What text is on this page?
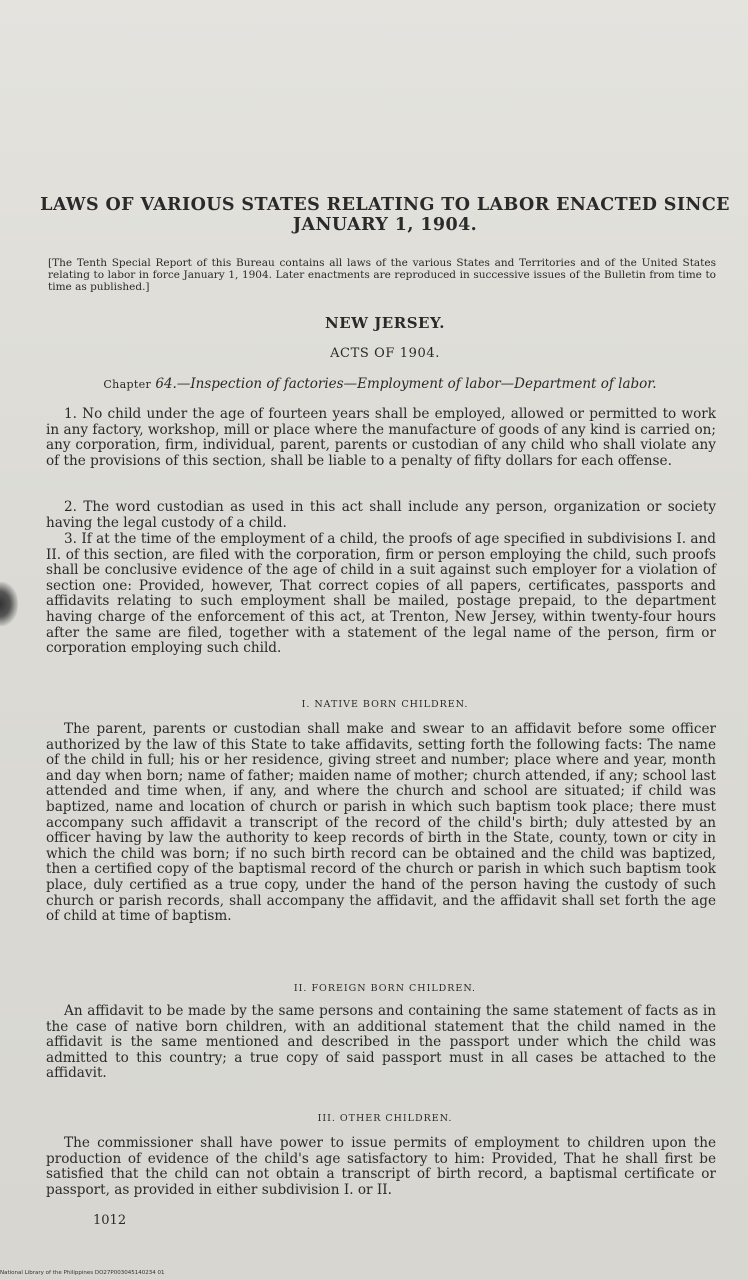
LAWS OF VARIOUS STATES RELATING TO LABOR ENACTED SINCE JANUARY 1, 1904.
[The Tenth Special Report of this Bureau contains all laws of the various States and Territories and of the United States relating to labor in force January 1, 1904. Later enactments are reproduced in successive issues of the Bulletin from time to time as published.]
NEW JERSEY.
ACTS OF 1904.
Chapter 64.—Inspection of factories—Employment of labor—Department of labor.

1. No child under the age of fourteen years shall be employed, allowed or permitted to work in any factory, workshop, mill or place where the manufacture of goods of any kind is carried on; any corporation, firm, individual, parent, parents or custodian of any child who shall violate any of the provisions of this section, shall be liable to a penalty of fifty dollars for each offense.

2. The word custodian as used in this act shall include any person, organization or society having the legal custody of a child.

3. If at the time of the employment of a child, the proofs of age specified in subdivisions I. and II. of this section, are filed with the corporation, firm or person employing the child, such proofs shall be conclusive evidence of the age of child in a suit against such employer for a violation of section one: Provided, however, That correct copies of all papers, certificates, passports and affidavits relating to such employment shall be mailed, postage prepaid, to the department having charge of the enforcement of this act, at Trenton, New Jersey, within twenty-four hours after the same are filed, together with a statement of the legal name of the person, firm or corporation employing such child.

I. NATIVE BORN CHILDREN.

The parent, parents or custodian shall make and swear to an affidavit before some officer authorized by the law of this State to take affidavits, setting forth the following facts: The name of the child in full; his or her residence, giving street and number; place where and year, month and day when born; name of father; maiden name of mother; church attended, if any; school last attended and time when, if any, and where the church and school are situated; if child was baptized, name and location of church or parish in which such baptism took place; there must accompany such affidavit a transcript of the record of the child's birth; duly attested by an officer having by law the authority to keep records of birth in the State, county, town or city in which the child was born; if no such birth record can be obtained and the child was baptized, then a certified copy of the baptismal record of the church or parish in which such baptism took place, duly certified as a true copy, under the hand of the person having the custody of such church or parish records, shall accompany the affidavit, and the affidavit shall set forth the age of child at time of baptism.

II. FOREIGN BORN CHILDREN.

An affidavit to be made by the same persons and containing the same statement of facts as in the case of native born children, with an additional statement that the child named in the affidavit is the same mentioned and described in the passport under which the child was admitted to this country; a true copy of said passport must in all cases be attached to the affidavit.

III. OTHER CHILDREN.

The commissioner shall have power to issue permits of employment to children upon the production of evidence of the child's age satisfactory to him: Provided, That he shall first be satisfied that the child can not obtain a transcript of birth record, a baptismal certificate or passport, as provided in either subdivision I. or II.

1012
National Library of the Philippines DO27P003045140234 01
